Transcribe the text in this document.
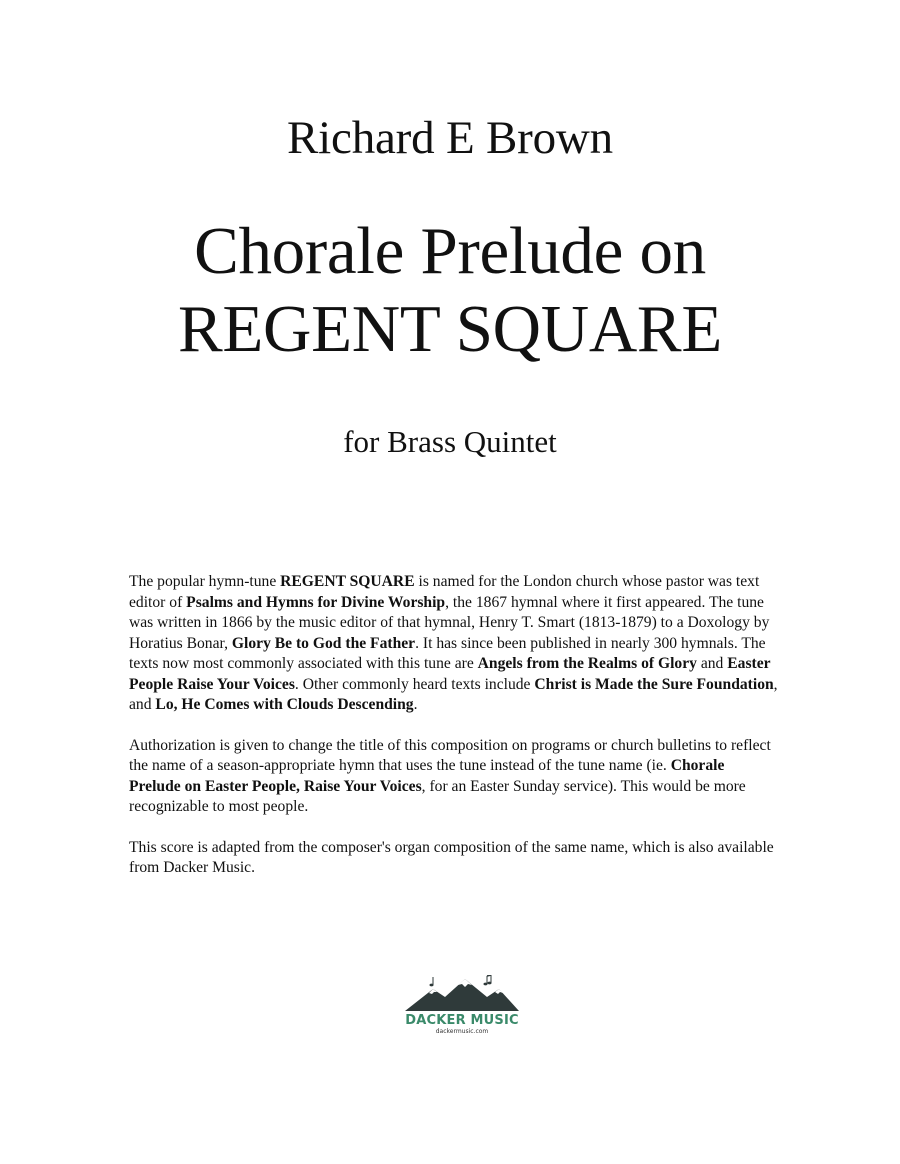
Richard E Brown
Chorale Prelude on
REGENT SQUARE
for Brass Quintet

The popular hymn-tune REGENT SQUARE is named for the London church whose pastor was text editor of Psalms and Hymns for Divine Worship, the 1867 hymnal where it first appeared. The tune was written in 1866 by the music editor of that hymnal, Henry T. Smart (1813-1879) to a Doxology by Horatius Bonar, Glory Be to God the Father. It has since been published in nearly 300 hymnals. The texts now most commonly associated with this tune are Angels from the Realms of Glory and Easter People Raise Your Voices. Other commonly heard texts include Christ is Made the Sure Foundation, and Lo, He Comes with Clouds Descending.

Authorization is given to change the title of this composition on programs or church bulletins to reflect the name of a season-appropriate hymn that uses the tune instead of the tune name (ie. Chorale Prelude on Easter People, Raise Your Voices, for an Easter Sunday service). This would be more recognizable to most people.

This score is adapted from the composer's organ composition of the same name, which is also available from Dacker Music.

DACKER MUSIC
dackermusic.com
